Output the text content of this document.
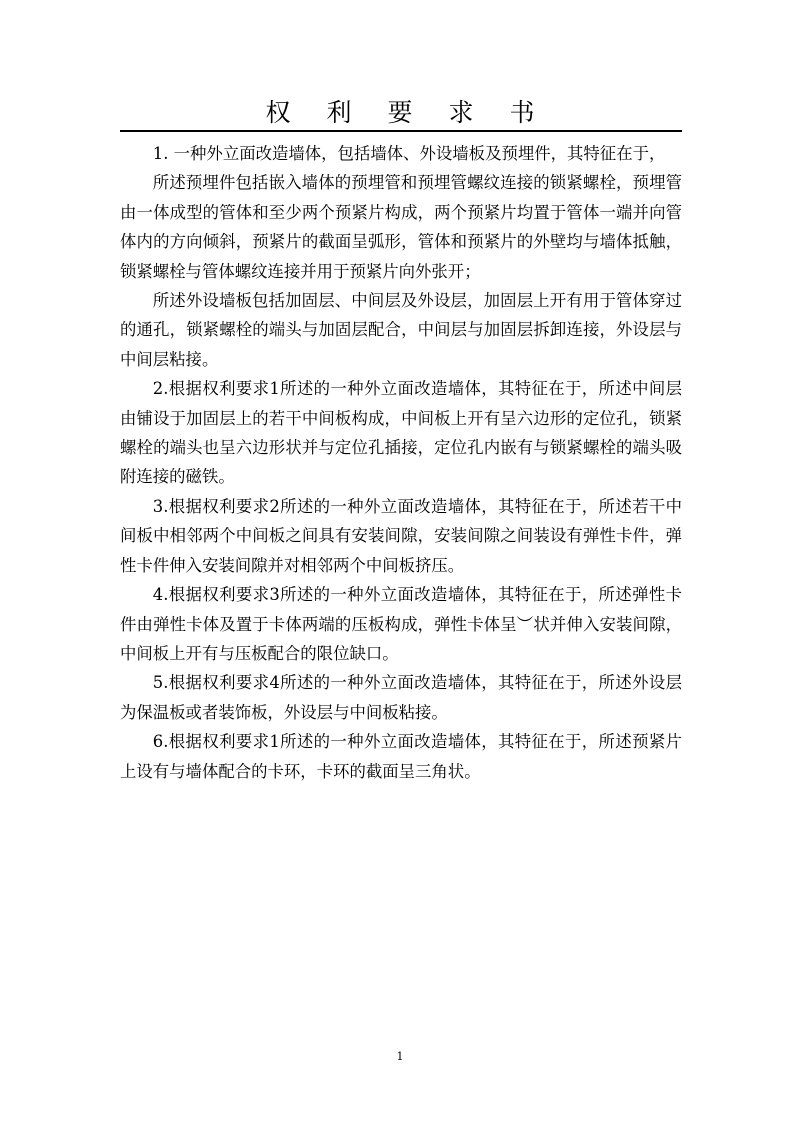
权利要求书

1. 一种外立面改造墙体，包括墙体、外设墙板及预埋件，其特征在于，

所述预埋件包括嵌入墙体的预埋管和预埋管螺纹连接的锁紧螺栓，预埋管由一体成型的管体和至少两个预紧片构成，两个预紧片均置于管体一端并向管体内的方向倾斜，预紧片的截面呈弧形，管体和预紧片的外壁均与墙体抵触，锁紧螺栓与管体螺纹连接并用于预紧片向外张开；

所述外设墙板包括加固层、中间层及外设层，加固层上开有用于管体穿过的通孔，锁紧螺栓的端头与加固层配合，中间层与加固层拆卸连接，外设层与中间层粘接。

2.根据权利要求1所述的一种外立面改造墙体，其特征在于，所述中间层由铺设于加固层上的若干中间板构成，中间板上开有呈六边形的定位孔，锁紧螺栓的端头也呈六边形状并与定位孔插接，定位孔内嵌有与锁紧螺栓的端头吸附连接的磁铁。

3.根据权利要求2所述的一种外立面改造墙体，其特征在于，所述若干中间板中相邻两个中间板之间具有安装间隙，安装间隙之间装设有弹性卡件，弹性卡件伸入安装间隙并对相邻两个中间板挤压。

4.根据权利要求3所述的一种外立面改造墙体，其特征在于，所述弹性卡件由弹性卡体及置于卡体两端的压板构成，弹性卡体呈︶状并伸入安装间隙，中间板上开有与压板配合的限位缺口。

5.根据权利要求4所述的一种外立面改造墙体，其特征在于，所述外设层为保温板或者装饰板，外设层与中间板粘接。

6.根据权利要求1所述的一种外立面改造墙体，其特征在于，所述预紧片上设有与墙体配合的卡环，卡环的截面呈三角状。

1
